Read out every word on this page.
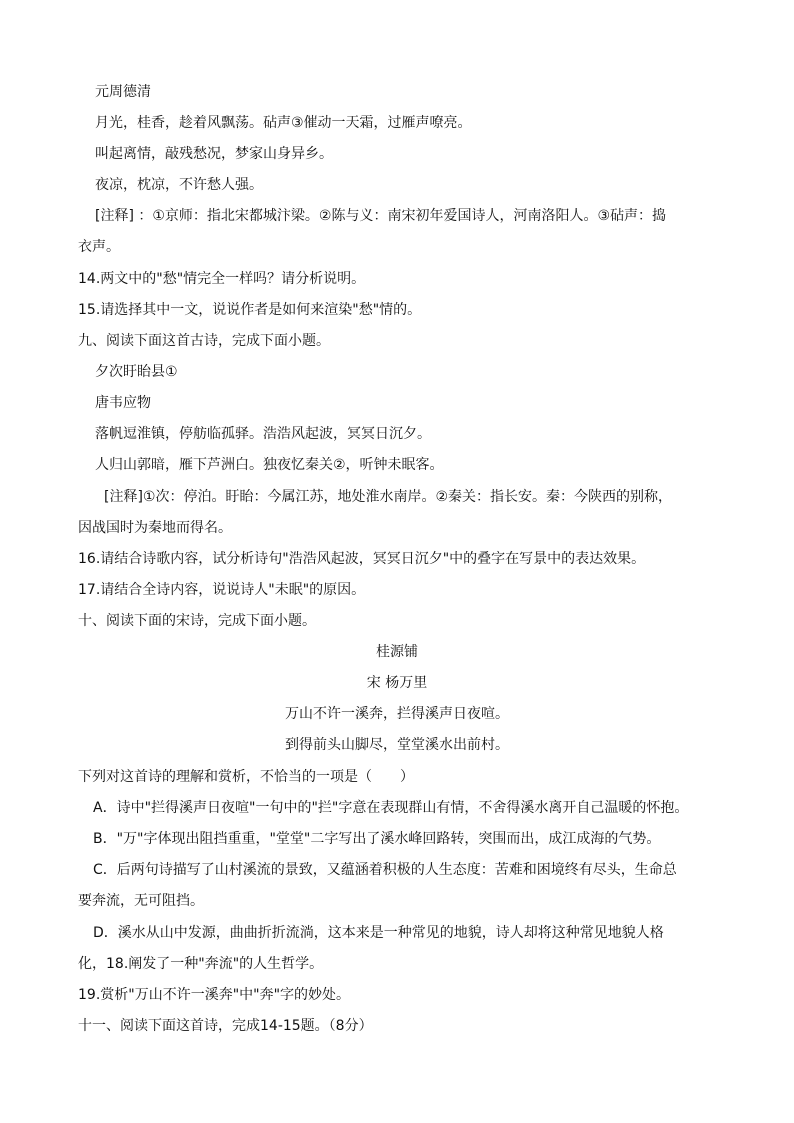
元周德清
月光，桂香，趁着风飘荡。砧声③催动一天霜，过雁声嘹亮。
叫起离情，敲残愁况，梦家山身异乡。
夜凉，枕凉，不许愁人强。
[注释] ：①京师：指北宋都城汴梁。②陈与义：南宋初年爱国诗人，河南洛阳人。③砧声：捣
衣声。
14.两文中的"愁"情完全一样吗？请分析说明。
15.请选择其中一文，说说作者是如何来渲染"愁"情的。
九、阅读下面这首古诗，完成下面小题。
夕次盱眙县①
唐韦应物
落帆逗淮镇，停舫临孤驿。浩浩风起波，冥冥日沉夕。
人归山郭暗，雁下芦洲白。独夜忆秦关②，听钟未眠客。
[注释]①次：停泊。盱眙：今属江苏，地处淮水南岸。②秦关：指长安。秦：今陕西的别称，
因战国时为秦地而得名。
16.请结合诗歌内容，试分析诗句"浩浩风起波，冥冥日沉夕"中的叠字在写景中的表达效果。
17.请结合全诗内容，说说诗人"未眠"的原因。
十、阅读下面的宋诗，完成下面小题。
桂源铺
宋 杨万里
万山不许一溪奔，拦得溪声日夜喧。
到得前头山脚尽，堂堂溪水出前村。
下列对这首诗的理解和赏析，不恰当的一项是（　　）
A．诗中"拦得溪声日夜喧"一句中的"拦"字意在表现群山有情，不舍得溪水离开自己温暖的怀抱。
B．"万"字体现出阻挡重重，"堂堂"二字写出了溪水峰回路转，突围而出，成江成海的气势。
C．后两句诗描写了山村溪流的景致，又蕴涵着积极的人生态度：苦难和困境终有尽头，生命总
要奔流，无可阻挡。
D．溪水从山中发源，曲曲折折流淌，这本来是一种常见的地貌，诗人却将这种常见地貌人格
化，18.阐发了一种"奔流"的人生哲学。
19.赏析"万山不许一溪奔"中"奔"字的妙处。
十一、阅读下面这首诗，完成14-15题。（8分）
